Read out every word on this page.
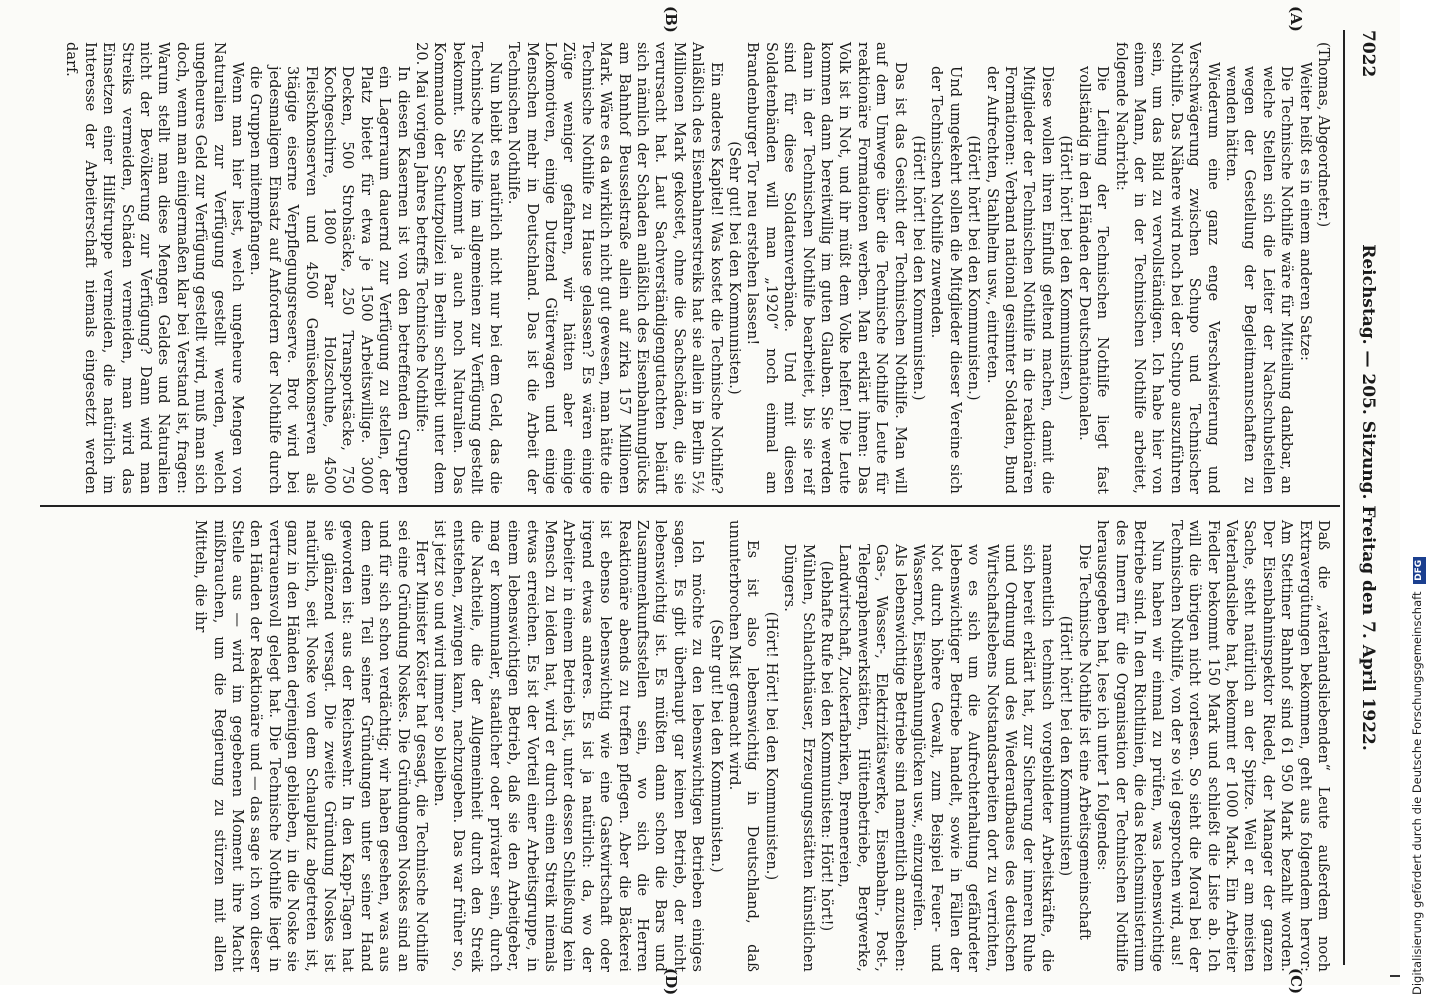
7022
Reichstag. — 205. Sitzung. Freitag den 7. April 1922.
(A)
(B)
(C)
(D)

(Thomas, Abgeordneter.)

Weiter heißt es in einem anderen Satze:

Die Technische Nothilfe wäre für Mitteilung dankbar, an welche Stellen sich die Leiter der Nachschubstellen wegen der Gestellung der Begleitmannschaften zu wenden hätten.

Wiederum eine ganz enge Verschwisterung und Verschwägerung zwischen Schupo und Technischer Nothilfe. Das Nähere wird noch bei der Schupo auszuführen sein, um das Bild zu vervollständigen. Ich habe hier von einem Mann, der in der Technischen Nothilfe arbeitet, folgende Nachricht:

Die Leitung der Technischen Nothilfe liegt fast vollständig in den Händen der Deutschnationalen.

(Hört! hört! bei den Kommunisten.)

Diese wollen ihren Einfluß geltend machen, damit die Mitglieder der Technischen Nothilfe in die reaktionären Formationen: Verband national gesinnter Soldaten, Bund der Aufrechten, Stahlhelm usw., eintreten.

(Hört! hört! bei den Kommunisten.)

Und umgekehrt sollen die Mitglieder dieser Vereine sich der Technischen Nothilfe zuwenden.

(Hört! hört! bei den Kommunisten.)

Das ist das Gesicht der Technischen Nothilfe. Man will auf dem Umwege über die Technische Nothilfe Leute für reaktionäre Formationen werben. Man erklärt ihnen: Das Volk ist in Not, und ihr müßt dem Volke helfen! Die Leute kommen dann bereitwillig im guten Glauben. Sie werden dann in der Technischen Nothilfe bearbeitet, bis sie reif sind für diese Soldatenverbände. Und mit diesen Soldatenbänden will man „1920“ noch einmal am Brandenburger Tor neu erstehen lassen!

(Sehr gut! bei den Kommunisten.)

Ein anderes Kapitel! Was kostet die Technische Nothilfe? Anläßlich des Eisenbahnerstreiks hat sie allein in Berlin 5½ Millionen Mark gekostet, ohne die Sachschäden, die sie verursacht hat. Laut Sachverständigengutachten beläuft sich nämlich der Schaden anläßlich des Eisenbahnunglücks am Bahnhof Beusselstraße allein auf zirka 157 Millionen Mark. Wäre es da wirklich nicht gut gewesen, man hätte die Technische Nothilfe zu Hause gelassen? Es wären einige Züge weniger gefahren, wir hätten aber einige Lokomotiven, einige Dutzend Güterwagen und einige Menschen mehr in Deutschland. Das ist die Arbeit der Technischen Nothilfe.

Nun bleibt es natürlich nicht nur bei dem Geld, das die Technische Nothilfe im allgemeinen zur Verfügung gestellt bekommt. Sie bekommt ja auch noch Naturalien. Das Kommando der Schutzpolizei in Berlin schreibt unter dem 20. Mai vorigen Jahres betreffs Technische Nothilfe:

In diesen Kasernen ist von den betreffenden Gruppen ein Lagerraum dauernd zur Verfügung zu stellen, der Platz bietet für etwa je 1500 Arbeitswillige. 3000 Decken, 500 Strohsäcke, 250 Transportsäcke, 750 Kochgeschirre, 1800 Paar Holzschuhe, 4500 Fleischkonserven und 4500 Gemüsekonserven als 3tägige eiserne Verpflegungsreserve. Brot wird bei jedesmaligem Einsatz auf Anfordern der Nothilfe durch die Gruppen mitempfangen.

Wenn man hier liest, welch ungeheure Mengen von Naturalien zur Verfügung gestellt werden, welch ungeheures Geld zur Verfügung gestellt wird, muß man sich doch, wenn man einigermaßen klar bei Verstand ist, fragen: Warum stellt man diese Mengen Geldes und Naturalien nicht der Bevölkerung zur Verfügung? Dann wird man Streiks vermeiden, Schäden vermeiden, man wird das Einsetzen einer Hilfstruppe vermeiden, die natürlich im Interesse der Arbeiterschaft niemals eingesetzt werden darf.

Daß die „vaterlandsliebenden“ Leute außerdem noch Extravergütungen bekommen, geht aus folgendem hervor: Am Stettiner Bahnhof sind 61 950 Mark bezahlt worden. Der Eisenbahninspektor Riedel, der Manager der ganzen Sache, steht natürlich an der Spitze. Weil er am meisten Vaterlandsliebe hat, bekommt er 1000 Mark. Ein Arbeiter Fiedler bekommt 150 Mark und schließt die Liste ab. Ich will die übrigen nicht vorlesen. So sieht die Moral bei der Technischen Nothilfe, von der so viel gesprochen wird, aus!

Nun haben wir einmal zu prüfen, was lebenswichtige Betriebe sind. In den Richtlinien, die das Reichsministerium des Innern für die Organisation der Technischen Nothilfe herausgegeben hat, lese ich unter 1 folgendes:

Die Technische Nothilfe ist eine Arbeitsgemeinschaft

(Hört! hört! bei den Kommunisten)

namentlich technisch vorgebildeter Arbeitskräfte, die sich bereit erklärt hat, zur Sicherung der inneren Ruhe und Ordnung und des Wiederaufbaues des deutschen Wirtschaftslebens Notstandsarbeiten dort zu verrichten, wo es sich um die Aufrechterhaltung gefährdeter lebenswichtiger Betriebe handelt, sowie in Fällen der Not durch höhere Gewalt, zum Beispiel Feuer- und Wassernot, Eisenbahnunglücken usw., einzugreifen.

Als lebenswichtige Betriebe sind namentlich anzusehen: Gas-, Wasser-, Elektrizitätswerke, Eisenbahn-, Post-, Telegraphenwerkstätten, Hüttenbetriebe, Bergwerke, Landwirtschaft, Zuckerfabriken, Brennereien,

(lebhafte Rufe bei den Kommunisten: Hört! hört!)

Mühlen, Schlachthäuser, Erzeugungsstätten künstlichen Düngers.

(Hört! Hört! bei den Kommunisten.)

Es ist also lebenswichtig in Deutschland, daß ununterbrochen Mist gemacht wird.

(Sehr gut! bei den Kommunisten.)

Ich möchte zu den lebenswichtigen Betrieben einiges sagen. Es gibt überhaupt gar keinen Betrieb, der nicht lebenswichtig ist. Es müßten dann schon die Bars und Zusammenkunftsstellen sein, wo sich die Herren Reaktionäre abends zu treffen pflegen. Aber die Bäckerei ist ebenso lebenswichtig wie eine Gastwirtschaft oder irgend etwas anderes. Es ist ja natürlich: da, wo der Arbeiter in einem Betrieb ist, unter dessen Schließung kein Mensch zu leiden hat, wird er durch einen Streik niemals etwas erreichen. Es ist der Vorteil einer Arbeitsgruppe, in einem lebenswichtigen Betrieb, daß sie den Arbeitgeber, mag er kommunaler, staatlicher oder privater sein, durch die Nachteile, die der Allgemeinheit durch den Streik entstehen, zwingen kann, nachzugeben. Das war früher so, ist jetzt so und wird immer so bleiben.

Herr Minister Köster hat gesagt, die Technische Nothilfe sei eine Gründung Noskes. Die Gründungen Noskes sind an und für sich schon verdächtig; wir haben gesehen, was aus dem einen Teil seiner Gründungen unter seiner Hand geworden ist: aus der Reichswehr. In den Kapp-Tagen hat sie glänzend versagt. Die zweite Gründung Noskes ist natürlich, seit Noske von dem Schauplatz abgetreten ist, ganz in den Händen derjenigen geblieben, in die Noske sie vertrauensvoll gelegt hat. Die Technische Nothilfe liegt in den Händen der Reaktionäre und — das sage ich von dieser Stelle aus — wird im gegebenen Moment ihre Macht mißbrauchen, um die Regierung zu stürzen mit allen Mitteln, die ihr

Digitalisierung gefördert durch die Deutsche Forschungsgemeinschaft DFG
